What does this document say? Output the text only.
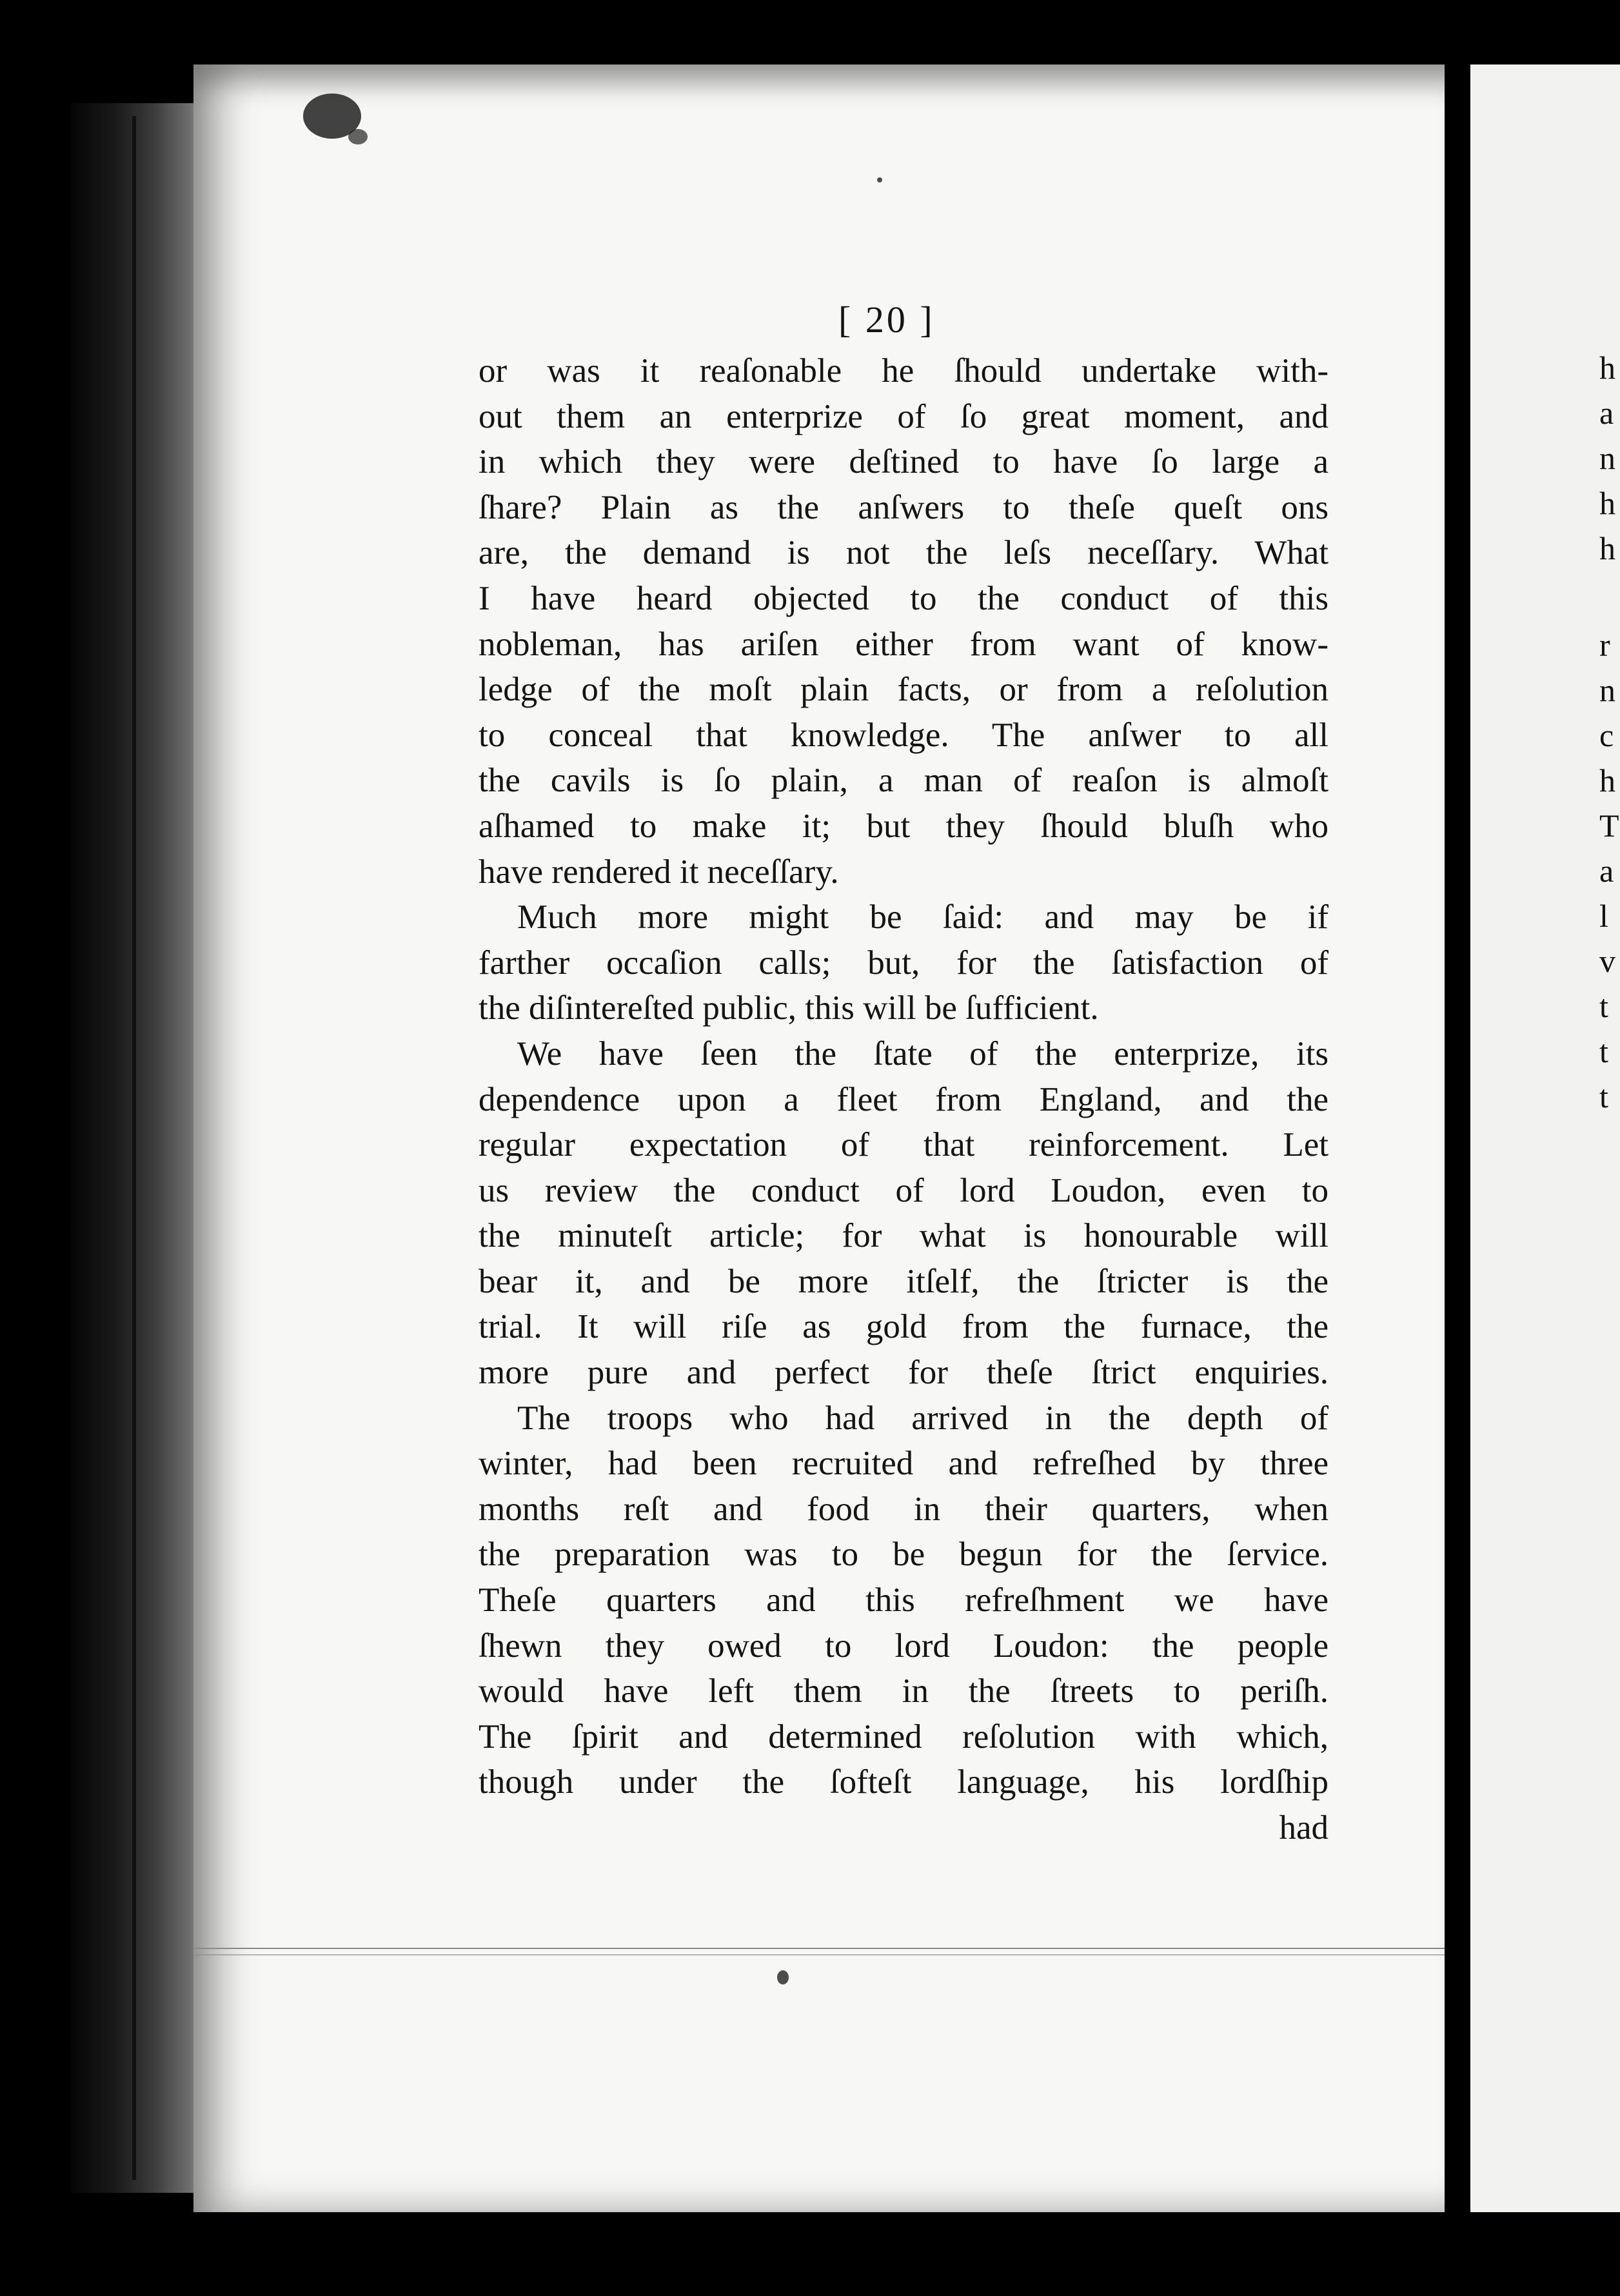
[ 20 ]
or was it reaſonable he ſhould undertake with-
out them an enterprize of ſo great moment, and
in which they were deſtined to have ſo large a
ſhare? Plain as the anſwers to theſe queſt ons
are, the demand is not the leſs neceſſary. What
I have heard objected to the conduct of this
nobleman, has ariſen either from want of know-
ledge of the moſt plain facts, or from a reſolution
to conceal that knowledge. The anſwer to all
the cavils is ſo plain, a man of reaſon is almoſt
aſhamed to make it; but they ſhould bluſh who
have rendered it neceſſary.
Much more might be ſaid: and may be if
farther occaſion calls; but, for the ſatisfaction of
the diſintereſted public, this will be ſufficient.
We have ſeen the ſtate of the enterprize, its
dependence upon a fleet from England, and the
regular expectation of that reinforcement. Let
us review the conduct of lord Loudon, even to
the minuteſt article; for what is honourable will
bear it, and be more itſelf, the ſtricter is the
trial. It will riſe as gold from the furnace, the
more pure and perfect for theſe ſtrict enquiries.
The troops who had arrived in the depth of
winter, had been recruited and refreſhed by three
months reſt and food in their quarters, when
the preparation was to be begun for the ſervice.
Theſe quarters and this refreſhment we have
ſhewn they owed to lord Loudon: the people
would have left them in the ſtreets to periſh.
The ſpirit and determined reſolution with which,
though under the ſofteſt language, his lordſhip
had
h
a
n
h
h
r
n
c
h
T
a
l
v
t
t
t
